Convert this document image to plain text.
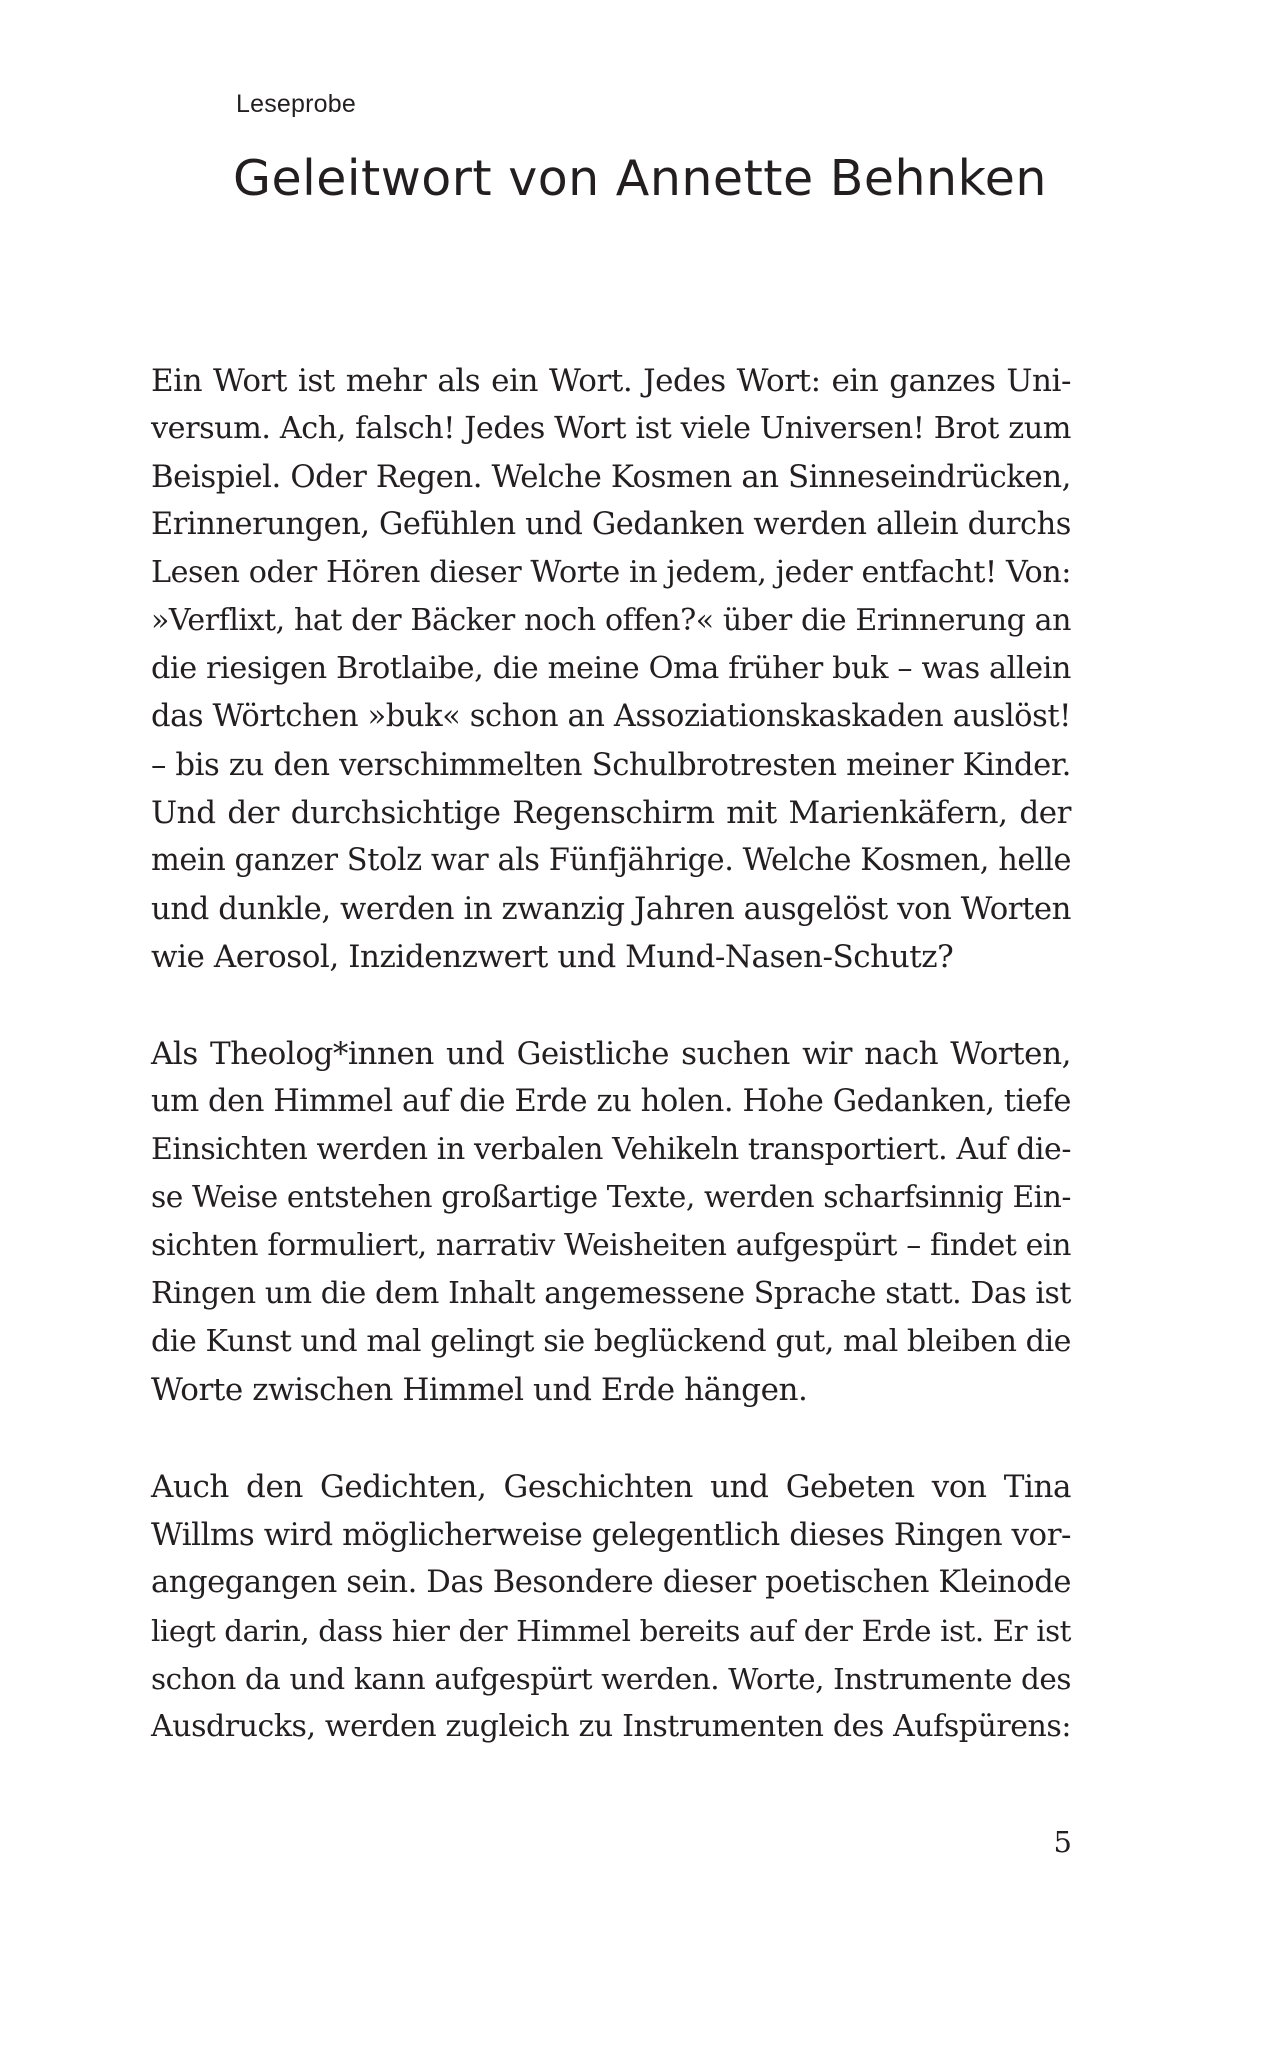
Leseprobe
Geleitwort von Annette Behnken
Ein Wort ist mehr als ein Wort. Jedes Wort: ein ganzes Uni-
versum. Ach, falsch! Jedes Wort ist viele Universen! Brot zum
Beispiel. Oder Regen. Welche Kosmen an Sinneseindrücken,
Erinnerungen, Gefühlen und Gedanken werden allein durchs
Lesen oder Hören dieser Worte in jedem, jeder entfacht! Von:
»Verflixt, hat der Bäcker noch offen?« über die Erinnerung an
die riesigen Brotlaibe, die meine Oma früher buk – was allein
das Wörtchen »buk« schon an Assoziationskaskaden auslöst!
– bis zu den verschimmelten Schulbrotresten meiner Kinder.
Und der durchsichtige Regenschirm mit Marienkäfern, der
mein ganzer Stolz war als Fünfjährige. Welche Kosmen, helle
und dunkle, werden in zwanzig Jahren ausgelöst von Worten
wie Aerosol, Inzidenzwert und Mund-Nasen-Schutz?
Als Theolog*innen und Geistliche suchen wir nach Worten,
um den Himmel auf die Erde zu holen. Hohe Gedanken, tiefe
Einsichten werden in verbalen Vehikeln transportiert. Auf die-
se Weise entstehen großartige Texte, werden scharfsinnig Ein-
sichten formuliert, narrativ Weisheiten aufgespürt – findet ein
Ringen um die dem Inhalt angemessene Sprache statt. Das ist
die Kunst und mal gelingt sie beglückend gut, mal bleiben die
Worte zwischen Himmel und Erde hängen.
Auch den Gedichten, Geschichten und Gebeten von Tina
Willms wird möglicherweise gelegentlich dieses Ringen vor-
angegangen sein. Das Besondere dieser poetischen Kleinode
liegt darin, dass hier der Himmel bereits auf der Erde ist. Er ist
schon da und kann aufgespürt werden. Worte, Instrumente des
Ausdrucks, werden zugleich zu Instrumenten des Aufspürens:
5
